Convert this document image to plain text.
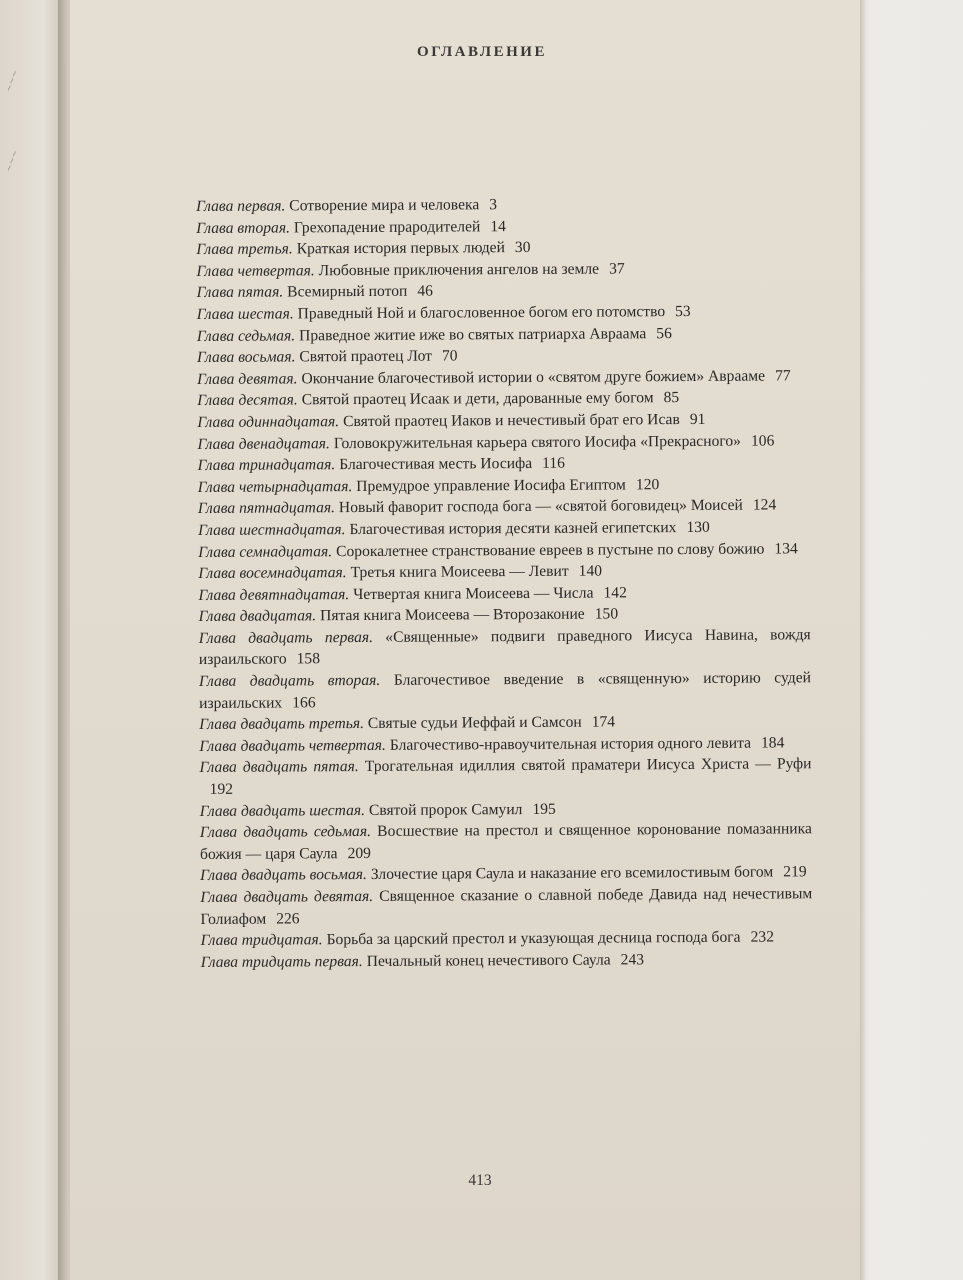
~~~
~~~
ОГЛАВЛЕНИЕ
Глава первая. Сотворение мира и человека 3
Глава вторая. Грехопадение прародителей 14
Глава третья. Краткая история первых людей 30
Глава четвертая. Любовные приключения ангелов на земле 37
Глава пятая. Всемирный потоп 46
Глава шестая. Праведный Ной и благословенное богом его потомство 53
Глава седьмая. Праведное житие иже во святых патриарха Авраама 56
Глава восьмая. Святой праотец Лот 70
Глава девятая. Окончание благочестивой истории о «святом друге божием» Аврааме 77
Глава десятая. Святой праотец Исаак и дети, дарованные ему богом 85
Глава одиннадцатая. Святой праотец Иаков и нечестивый брат его Исав 91
Глава двенадцатая. Головокружительная карьера святого Иосифа «Прекрасного» 106
Глава тринадцатая. Благочестивая месть Иосифа 116
Глава четырнадцатая. Премудрое управление Иосифа Египтом 120
Глава пятнадцатая. Новый фаворит господа бога — «святой боговидец» Моисей 124
Глава шестнадцатая. Благочестивая история десяти казней египетских 130
Глава семнадцатая. Сорокалетнее странствование евреев в пустыне по слову божию 134
Глава восемнадцатая. Третья книга Моисеева — Левит 140
Глава девятнадцатая. Четвертая книга Моисеева — Числа 142
Глава двадцатая. Пятая книга Моисеева — Второзаконие 150
Глава двадцать первая. «Священные» подвиги праведного Иисуса Навина, вождя израильского 158
Глава двадцать вторая. Благочестивое введение в «священную» историю судей израильских 166
Глава двадцать третья. Святые судьи Иеффай и Самсон 174
Глава двадцать четвертая. Благочестиво-нравоучительная история одного левита 184
Глава двадцать пятая. Трогательная идиллия святой праматери Иисуса Христа — Руфи192
Глава двадцать шестая. Святой пророк Самуил 195
Глава двадцать седьмая. Восшествие на престол и священное коронование помазанника божия — царя Саула 209
Глава двадцать восьмая. Злочестие царя Саула и наказание его всемилостивым богом 219
Глава двадцать девятая. Священное сказание о славной победе Давида над нечестивым Голиафом 226
Глава тридцатая. Борьба за царский престол и указующая десница господа бога 232
Глава тридцать первая. Печальный конец нечестивого Саула 243
413
